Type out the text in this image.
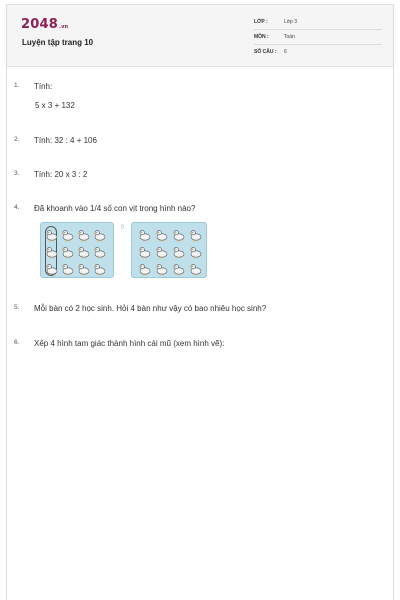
2048.vn
Luyện tập trang 10
LỚP :	Lớp 3
MÔN :	Toán
SỐ CÂU : 6
1. Tính:
5 x 3 + 132
2. Tính: 32 : 4 + 106
3. Tính: 20 x 3 : 2
4. Đã khoanh vào 1/4 số con vịt trong hình nào?
▯
5. Mỗi bàn có 2 học sinh. Hỏi 4 bàn như vậy có bao nhiêu học sinh?
6. Xếp 4 hình tam giác thành hình cái mũ (xem hình vẽ):
